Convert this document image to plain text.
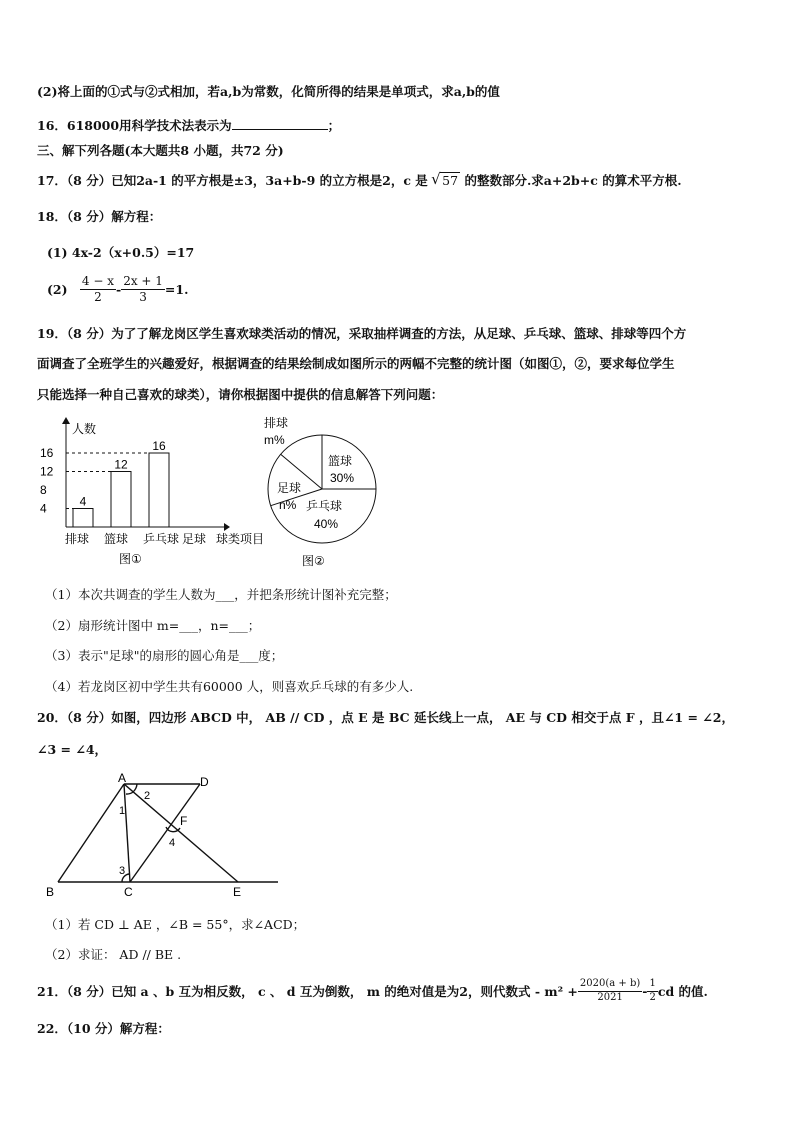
(2)将上面的①式与②式相加，若a,b为常数，化简所得的结果是单项式，求a,b的值
16．618000用科学技术法表示为	；
三、解下列各题(本大题共8 小题，共72 分)
17．（8 分）已知2a-1 的平方根是±3，3a+b-9 的立方根是2，c 是 √ 57 的整数部分.求a+2b+c 的算术平方根.
18．（8 分）解方程：
(1) 4x-2（x+0.5）=17
$(2) \frac{4 - x}{2} - \frac{2x + 1}{3} =1$.
19．（8 分）为了了解龙岗区学生喜欢球类活动的情况，采取抽样调查的方法，从足球、乒乓球、篮球、排球等四个方
面调查了全班学生的兴趣爱好，根据调查的结果绘制成如图所示的两幅不完整的统计图（如图①，②，要求每位学生
只能选择一种自己喜欢的球类），请你根据图中提供的信息解答下列问题：
4
8
12
16
4
排球
12
篮球
16
乒乓球 足球
人数
球类项目
图①
排球
m%
篮球
30%
乒乓球
40%
足球
n%
图②
（1）本次共调查的学生人数为___，并把条形统计图补充完整；
（2）扇形统计图中 m=___，n=___；
（3）表示"足球"的扇形的圆心角是___度；
（4）若龙岗区初中学生共有60000 人，则喜欢乒乓球的有多少人.
20．（8 分）如图，四边形 ABCD 中， AB // CD ，点 E 是 BC 延长线上一点， AE 与 CD 相交于点 F ，且∠1 = ∠2，
∠3 = ∠4，
A
B	C
D
E
F
1
2
3
4
（1）若 CD ⊥ AE ，∠B = 55°，求∠ACD；
（2）求证： AD // BE .
21．（8 分）已知 a 、b 互为相反数， c 、 d 互为倒数， m 的绝对值是为2，则代数式 - $m^2 + \frac{2020(a + b)}{2021} - \frac{1}{2}$ cd 的值.
22．（10 分）解方程：
